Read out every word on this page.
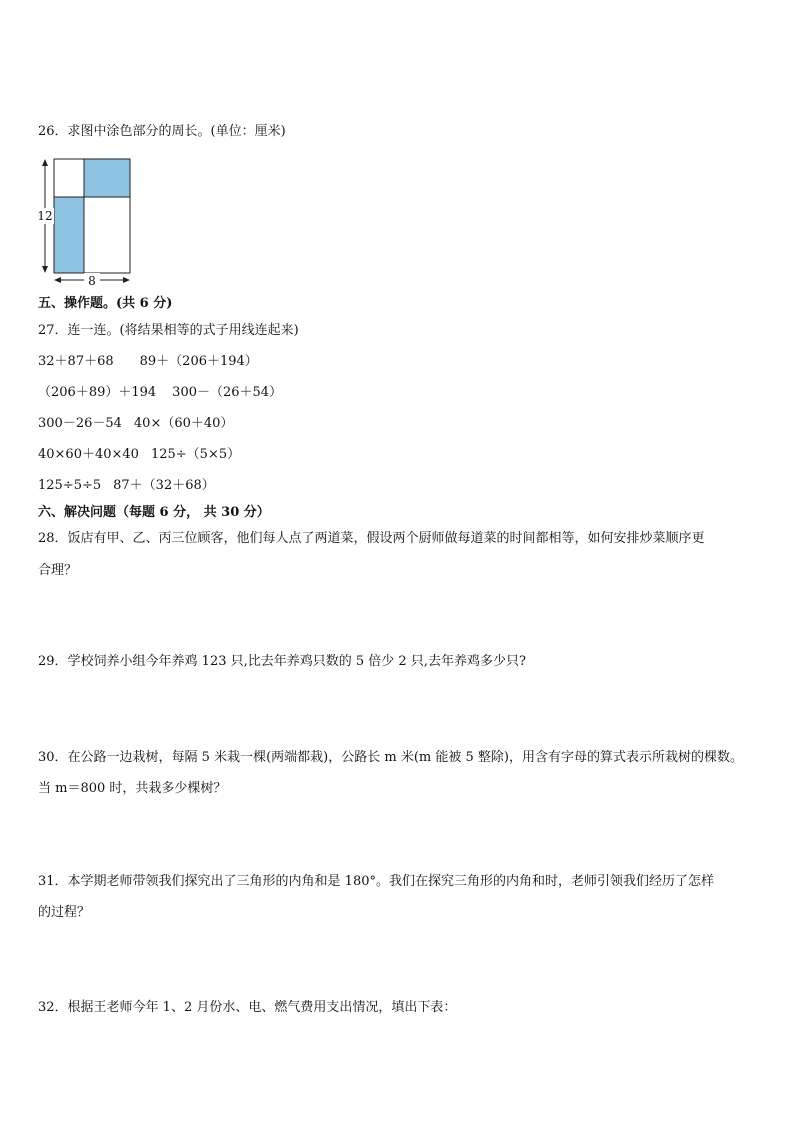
26．求图中涂色部分的周长。(单位：厘米)
12
8
五、操作题。(共 6 分)
27．连一连。(将结果相等的式子用线连起来)
32＋87＋68 89＋（206＋194）
（206＋89）＋194 300－（26＋54）
300－26－54 40×（60＋40）
40×60＋40×40 125÷（5×5）
125÷5÷5 87＋（32＋68）
六、解决问题（每题 6 分， 共 30 分）
28．饭店有甲、乙、丙三位顾客，他们每人点了两道菜，假设两个厨师做每道菜的时间都相等，如何安排炒菜顺序更
合理？
29．学校饲养小组今年养鸡 123 只,比去年养鸡只数的 5 倍少 2 只,去年养鸡多少只?
30．在公路一边栽树，每隔 5 米栽一棵(两端都栽)，公路长 m 米(m 能被 5 整除)，用含有字母的算式表示所栽树的棵数。
当 m＝800 时，共栽多少棵树？
31．本学期老师带领我们探究出了三角形的内角和是 180°。我们在探究三角形的内角和时，老师引领我们经历了怎样
的过程？
32．根据王老师今年 1、2 月份水、电、燃气费用支出情况，填出下表：
